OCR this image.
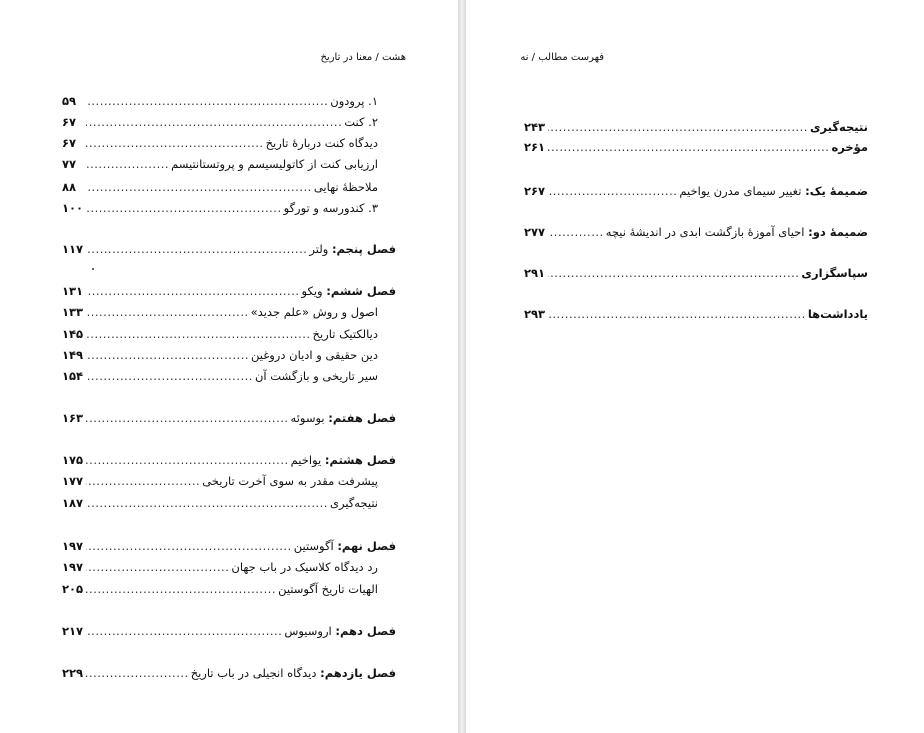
هشت / معنا در تاریخ
۱. پرودون
.....
۵۹
۲. کنت
.....
۶۷
دیدگاه کنت دربارهٔ تاریخ
.....
۶۷
ارزیابی کنت از کاتولیسیسم و پروتستانتیسم
.....
۷۷
ملاحظهٔ نهایی
.....
۸۸
۳. کندورسه و تورگو
.....
۱۰۰
فصل پنجم: ولتر
.....
۱۱۷
فصل ششم: ویکو
.....
۱۳۱
اصول و روش «علم جدید»
.....
۱۳۳
دیالکتیک تاریخ
.....
۱۴۵
دین حقیقی و ادیان دروغین
.....
۱۴۹
سیر تاریخی و بازگشت آن
.....
۱۵۴
فصل هفتم: بوسوئه
.....
۱۶۳
فصل هشتم: یواخیم
.....
۱۷۵
پیشرفت مقدر به سوی آخرت تاریخی
.....
۱۷۷
نتیجه‌گیری
.....
۱۸۷
فصل نهم: آگوستین
.....
۱۹۷
رد دیدگاه کلاسیک در باب جهان
.....
۱۹۷
الهیات تاریخ آگوستین
.....
۲۰۵
فصل دهم: اروسیوس
.....
۲۱۷
فصل یازدهم: دیدگاه انجیلی در باب تاریخ
.....
۲۲۹
فهرست مطالب / نه
نتیجه‌گیری
.....
۲۴۳
مؤخره
.....
۲۶۱
ضمیمهٔ یک: تغییر سیمای مدرن یواخیم
.....
۲۶۷
ضمیمهٔ دو: احیای آموزهٔ بازگشت ابدی در اندیشهٔ نیچه
.....
۲۷۷
سپاسگزاری
.....
۲۹۱
یادداشت‌ها
.....
۲۹۳
